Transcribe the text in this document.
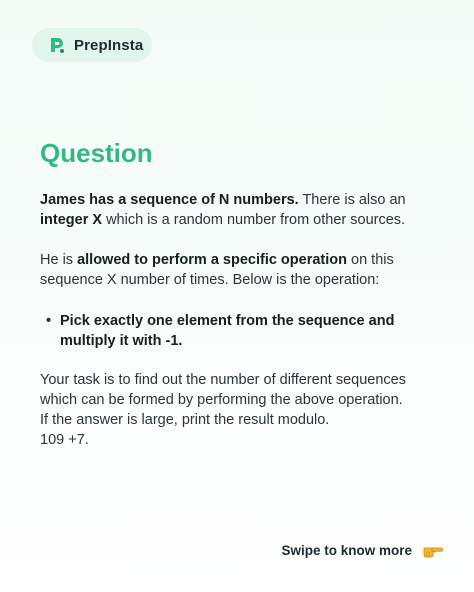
PrepInsta
Question

James has a sequence of N numbers. There is also an integer X which is a random number from other sources.

He is allowed to perform a specific operation on this sequence X number of times. Below is the operation:

• Pick exactly one element from the sequence and multiply it with -1.

Your task is to find out the number of different sequences which can be formed by performing the above operation.
If the answer is large, print the result modulo.
109 +7.

Swipe to know more
